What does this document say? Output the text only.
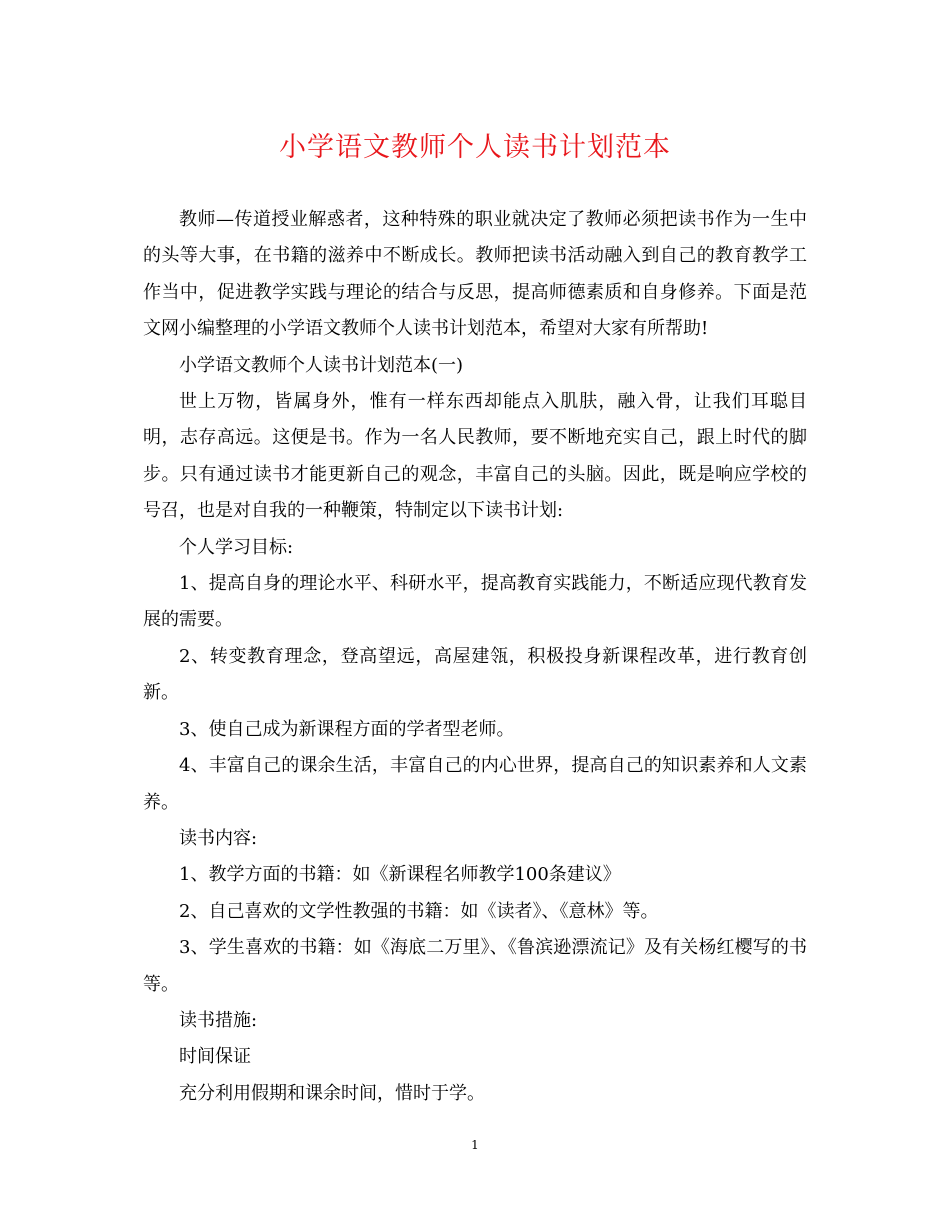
小学语文教师个人读书计划范本

教师—传道授业解惑者，这种特殊的职业就决定了教师必须把读书作为一生中的头等大事，在书籍的滋养中不断成长。教师把读书活动融入到自己的教育教学工作当中，促进教学实践与理论的结合与反思，提高师德素质和自身修养。下面是范文网小编整理的小学语文教师个人读书计划范本，希望对大家有所帮助!

小学语文教师个人读书计划范本(一)

世上万物，皆属身外，惟有一样东西却能点入肌肤，融入骨，让我们耳聪目明，志存高远。这便是书。作为一名人民教师，要不断地充实自己，跟上时代的脚步。只有通过读书才能更新自己的观念，丰富自己的头脑。因此，既是响应学校的号召，也是对自我的一种鞭策，特制定以下读书计划:

个人学习目标:

1、提高自身的理论水平、科研水平，提高教育实践能力，不断适应现代教育发展的需要。

2、转变教育理念，登高望远，高屋建瓴，积极投身新课程改革，进行教育创新。

3、使自己成为新课程方面的学者型老师。

4、丰富自己的课余生活，丰富自己的内心世界，提高自己的知识素养和人文素养。

读书内容:

1、教学方面的书籍：如《新课程名师教学100条建议》

2、自己喜欢的文学性教强的书籍：如《读者》、《意林》等。

3、学生喜欢的书籍：如《海底二万里》、《鲁滨逊漂流记》及有关杨红樱写的书等。

读书措施:

时间保证

充分利用假期和课余时间，惜时于学。

1
